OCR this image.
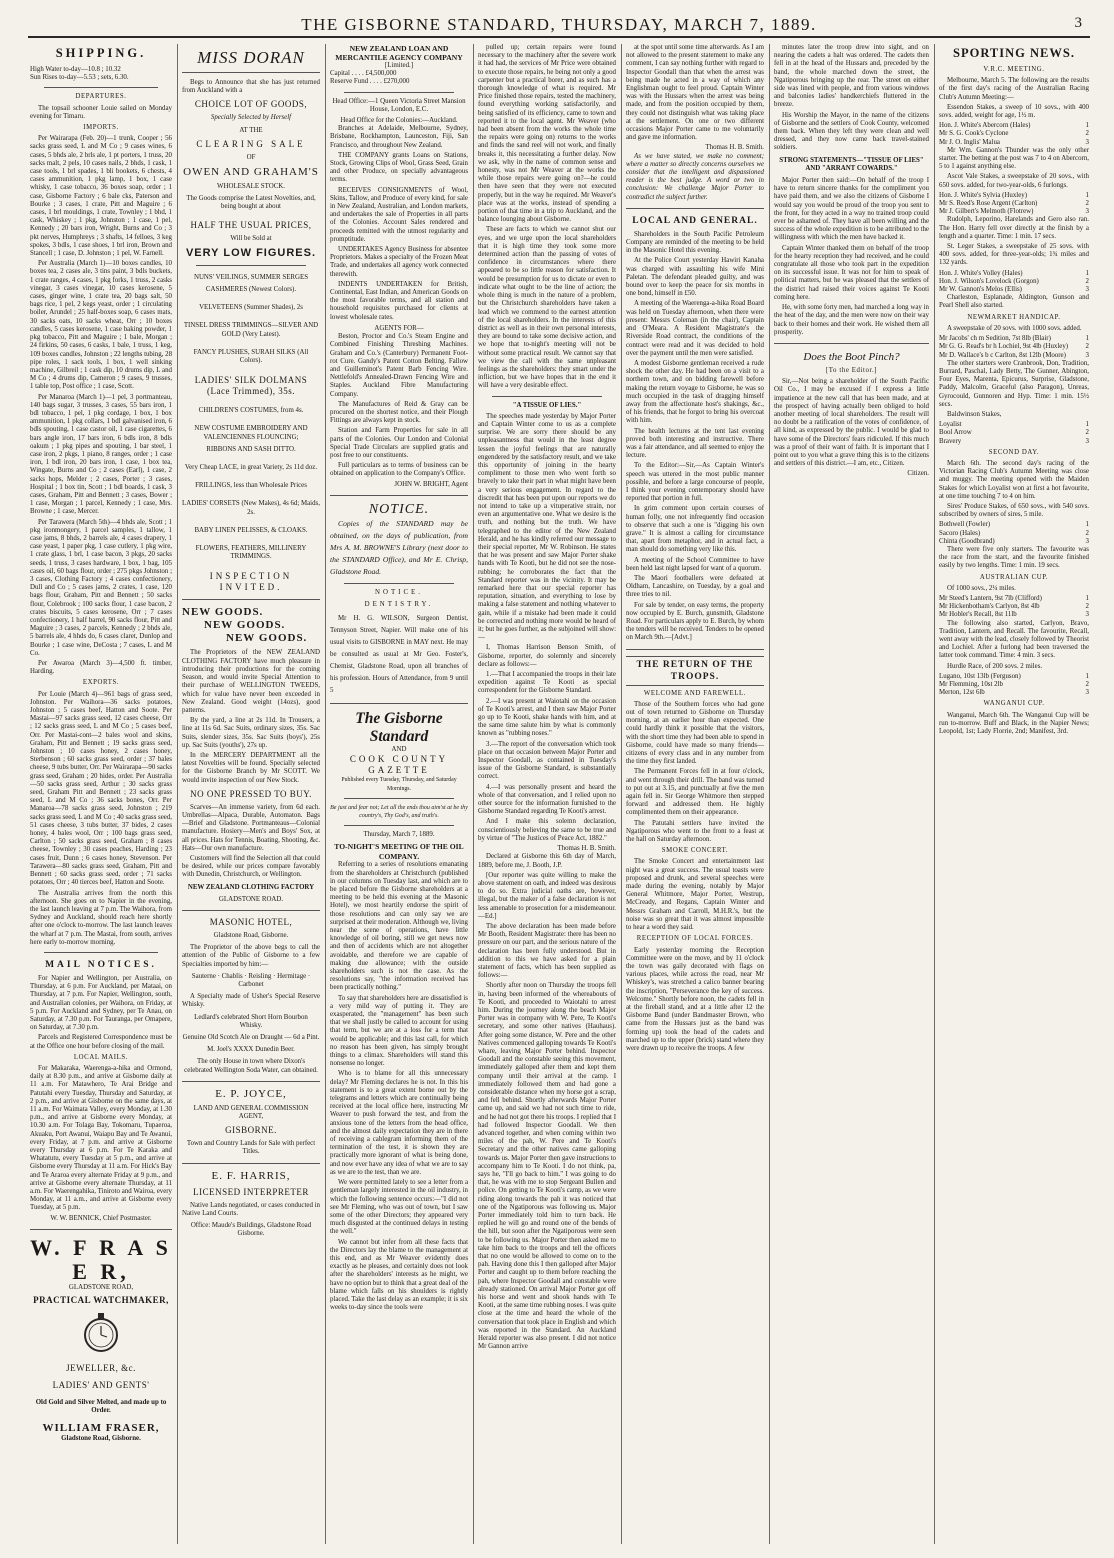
THE GISBORNE STANDARD, THURSDAY, MARCH 7, 1889.	3
SHIPPING.
High Water to-day—10.8 ; 10.32
Sun Rises to-day—5.53 ; sets, 6.30.
DEPARTURES.
The topsail schooner Louie sailed on Monday evening for Timaru.
IMPORTS.
Per Wairarapa (Feb. 20)—1 trunk, Cooper ; 56 sacks grass seed, L and M Co ; 9 cases wines, 6 cases, 5 bhds ale, 2 brls ale, 1 pt porters, 1 truss, 20 sacks malt, 2 pels, 10 cases nails, 2 bhds, 1 cask, 1 case tools, 1 brl spades, 1 bli bookets, 6 chests, 4 cases ammunition, 1 pkg lamp, 1 box, 1 case whisky, 1 case tobacco, 36 boxes soap, order ; 1 case, Gisborne Factory ; 6 bale cks, Paterson and Bourke ; 3 cases, 1 crate, Pitt and Maguire ; 6 cases, 1 brl mouldings, 1 crate, Townley ; 1 bhd, 1 cask, Whiskey ; 1 pkg, Johnston ; 1 case, 1 pel, Kennedy ; 20 bars iron, Wright, Burns and Co ; 3 pkt nerves, Humphreys ; 3 shafts, 14 felloes, 3 keg spokes, 3 bdls, 1 case shoes, 1 brl iron, Brown and Stancell ; 1 case, D. Johnston ; 1 pel, W. Farnell.
Per Australia (March 1)—10 boxes candles, 10 boxes tea, 2 cases ale, 3 tins paint, 3 bdls buckets, 1 crate ranges, 4 cases, 1 pkg forks, 1 truss, 2 casks vinegar, 3 cases vinegar, 10 cases kerosene, 5 cases, ginger wine, 1 crate tea, 20 bags salt, 50 bags rice, 1 pel, 2 kegs yeast, order ; 1 circulating boiler, Arundel ; 25 half-boxes soap, 6 cases mats, 30 sacks oats, 10 sacks wheat, Orr ; 10 boxes candles, 5 cases kerosene, 1 case baking powder, 1 pkg tobacco, Pitt and Maguire ; 1 bale, Morgan ; 24 firkins, 50 cases, 6 casks, 1 bale, 1 truss, 1 keg, 109 boxes candles, Johnston ; 22 lengths tubing, 28 pipe roles, 1 sack tools, 1 box, 1 well sinking machine, Gilbreil ; 1 cask dip, 10 drums dip, L and M Co ; 4 drums dip, Cameron ; 9 cases, 9 trusses, 1 table top, Post office ; 1 case, Scott.
Per Manaroa (March 1)—1 pel, 3 portmanteau, 140 bags sugar, 3 trusses, 3 cases, 55 bars iron, 1 bdl tobacco, 1 pel, 1 pkg cordage, 1 box, 1 box ammunition, 1 pkg collars, 1 bdl galvanised iron, 6 bdls spouting, 1 case castor oil, 1 case cigarettes, 6 bars angle iron, 17 bars iron, 6 bdls iron, 8 bdls oakum ; 1 pkg pipes and spouting, 1 bar steel, 1 case iron, 2 pkgs, 1 piano, 8 ranges, order ; 1 case iron, 1 bdl iron, 20 bars iron, 1 case, 1 box tea, Wingate, Burns and Co ; 2 cases (Earl), 1 case, 2 sacks hops, Melder ; 2 cases, Porter ; 3 cases, Hospital ; 1 box tin, Scott ; 1 bdl boards, 1 cask, 3 cases, Graham, Pitt and Bennett ; 3 cases, Bower ; 1 case, Morgan ; 1 parcel, Kennedy ; 1 case, Mrs. Browne ; 1 case, Mercer.
Per Tarawera (March 5th)—4 bhds ale, Scott ; 1 pkg ironmongery, 1 parcel samples, 1 tallow, 1 case jams, 8 bhds, 2 barrels ale, 4 cases drapery, 1 case yeast, 1 paper pkg, 1 case cutlery, 1 pkg wire, 1 crate glass, 1 brl, 1 case bacon, 3 pkgs, 20 sacks seeds, 1 truss, 3 cases hardware, 1 box, 1 bag, 105 cases oil, 60 bags flour, order ; 275 pkgs Johnston ; 3 cases, Clothing Factory ; 4 cases confectionery, Dull and Co ; 5 cases jams, 2 crates, 1 case, 120 bags flour, Graham, Pitt and Bennett ; 50 sacks flour, Colebrook ; 100 sacks flour, 1 case bacon, 2 crates biscuits, 5 cases kerosene, Orr ; 7 cases confectionery, 1 half barrel, 90 sacks flour, Pitt and Maguire ; 3 cases, 2 parcels, Kennedy ; 2 bhds ale, 5 barrels ale, 4 hhds do, 6 cases claret, Dunlop and Bourke ; 1 case wine, DeCosta ; 7 cases, L and M Co.
Per Awaroa (March 3)—4,500 ft. timber, Harding.
EXPORTS.
Per Louie (March 4)—961 bags of grass seed, Johnston. Per Waihora—36 sacks potatoes, Johnston ; 5 cases beef, Hatton and Soote. Per Mastai—97 sacks grass seed, 12 cases cheese, Orr ; 12 sacks grass seed, L and M Co ; 5 cases beef, Orr. Per Mastai-cont—2 bales wool and skins, Graham, Pitt and Bennett ; 19 sacks grass seed, Johnston ; 10 cases honey, 2 cases honey, Sterbenson ; 60 sacks grass seed, order ; 37 bales cheese, 9 tubs butter, Orr. Per Wairarapa—90 sacks grass seed, Graham ; 20 hides, order. Per Australia—50 sacks grass seed, Arthur ; 30 sacks grass seed, Graham Pitt and Bennett ; 23 sacks grass seed, L and M Co ; 36 sacks bones, Orr. Per Manaroa—78 sacks grass seed, Johnston ; 219 sacks grass seed, L and M Co ; 40 sacks grass seed, 51 cases cheese, 3 tubs butter, 37 bides, 2 cases honey, 4 bales wool, Orr ; 100 bags grass seed, Carlton ; 50 sacks grass seed, Graham ; 8 cases cheese, Townley ; 30 cases peaches, Harding ; 23 cases fruit, Dunn ; 6 cases honey, Stevenson. Per Tarawera—80 sacks grass seed, Graham, Pitt and Bennett ; 60 sacks grass seed, order ; 71 sacks potatoes, Orr ; 40 tierces beef, Hatton and Soote.
The Australia arrives from the north this afternoon. She goes on to Napier in the evening, the last launch leaving at 7 p.m. The Waihora, from Sydney and Auckland, should reach here shortly after one o'clock to-morrow. The last launch leaves the wharf at 7 p.m. The Mastai, from south, arrives here early to-morrow morning.
MAIL NOTICES.
For Napier and Wellington, per Australia, on Thursday, at 6 p.m. For Auckland, per Mataai, on Thursday, at 7 p.m. For Napier, Wellington, south, and Australian colonies, per Waihora, on Friday, at 5 p.m. For Auckland and Sydney, per Te Anau, on Saturday, at 7.30 p.m. For Tauranga, per Omapere, on Saturday, at 7.30 p.m.
Parcels and Registered Correspondence must be at the Office one hour before closing of the mail.
LOCAL MAILS.
For Makaraka, Waerenga-a-hika and Ormond, daily at 8.30 p.m., and arrive at Gisborne daily at 11 a.m. For Matawhero, Te Arai Bridge and Patutahi every Tuesday, Thursday and Saturday, at 2 p.m., and arrive at Gisborne on the same days, at 11 a.m. For Waimata Valley, every Monday, at 1.30 p.m., and arrive at Gisborne every Monday, at 10.30 a.m. For Tolaga Bay, Tokomaru, Tupaeroa, Akuaku, Port Awanui, Waiapu Bay and Te Awanui, every Friday, at 7 p.m. and arrive at Gisborne every Thursday at 6 p.m. For Te Karaka and Whatatutu, every Tuesday at 5 p.m., and arrive at Gisborne every Thursday at 11 a.m. For Hick's Bay and Te Araroa every alternate Friday at 9 p.m., and arrive at Gisborne every alternate Thursday, at 11 a.m. For Waerengahika, Tiniroto and Wairoa, every Monday, at 11 a.m., and arrive at Gisborne every Tuesday, at 5 p.m.
W. W. BENNICK, Chief Postmaster.
W. F R A S E R,
GLADSTONE ROAD,
PRACTICAL WATCHMAKER,
JEWELLER, &c.
LADIES' AND GENTS'
Old Gold and Silver Melted, and made up to Order.
WILLIAM FRASER,
Gladstone Road, Gisborne.
MISS DORAN
Begs to Announce that she has just returned from Auckland with a
CHOICE LOT OF GOODS,
Specially Selected by Herself
AT THE
CLEARING SALE
OF
OWEN AND GRAHAM'S
WHOLESALE STOCK.
The Goods comprise the Latest Novelties, and, being bought at about
HALF THE USUAL PRICES,
Will be Sold at
VERY LOW FIGURES.
NUNS' VEILINGS, SUMMER SERGES
CASHMERES (Newest Colors).
VELVETEENS (Summer Shades), 2s
TINSEL DRESS TRIMMINGS—SILVER AND GOLD (Very Latest).
FANCY PLUSHES, SURAH SILKS (All Colors).
LADIES' SILK DOLMANS (Lace Trimmed), 35s.
CHILDREN'S COSTUMES, from 4s.
NEW COSTUME EMBROIDERY AND VALENCIENNES FLOUNCING;
RIBBONS AND SASH DITTO.
Very Cheap LACE, in great Variety, 2s 11d doz.
FRILLINGS, less than Wholesale Prices
LADIES' CORSETS (New Makes), 4s 6d; Maids, 2s.
BABY LINEN PELISSES, & CLOAKS.
FLOWERS, FEATHERS, MILLINERY TRIMMINGS.
INSPECTION INVITED.
NEW GOODS.
NEW GOODS.
NEW GOODS.
The Proprietors of the NEW ZEALAND CLOTHING FACTORY have much pleasure in introducing their productions for the coming Season, and would invite Special Attention to their purchase of WELLINGTON TWEEDS, which for value have never been exceeded in New Zealand. Good weight (14ozs), good patterns.
By the yard, a line at 2s 11d. In Trousers, a line at 11s 6d. Sac Suits, ordinary sizes, 35s. Sac Suits, slender sizes, 35s. Sac Suits (boys'), 25s up. Sac Suits (youths'), 27s up.
In the MERCERY DEPARTMENT all the latest Novelties will be found. Specially selected for the Gisborne Branch by Mr SCOTT. We would invite inspection of our New Stock.
NO ONE PRESSED TO BUY.
Scarves—An immense variety, from 6d each. Umbrellas—Alpaca, Durable, Automaton. Bags—Brief and Gladstone. Portmanteaus—Colonial manufacture. Hosiery—Men's and Boys' Sox, at all prices. Hats for Tennis, Boating, Shooting, &c. Hats—Our own manufacture.
Customers will find the Selection all that could be desired, while our prices compare favorably with Dunedin, Christchurch, or Wellington.
NEW ZEALAND CLOTHING FACTORY
GLADSTONE ROAD.
MASONIC HOTEL,
Gladstone Road, Gisborne.
The Proprietor of the above begs to call the attention of the Public of Gisborne to a few Specialties imported by him:—
Sauterne · Chablis · Reisling · Hermitage · Carbonet
A Specialty made of Usher's Special Reserve Whisky.
Ledlard's celebrated Short Horn Bourbon Whisky.
Genuine Old Scotch Ale on Draught — 6d a Pint.
M. Joel's XXXX Dunedin Beer.
The only House in town where Dixon's celebrated Wellington Soda Water, can obtained.
E. P. JOYCE,
LAND AND GENERAL COMMISSION AGENT,
GISBORNE.
Town and Country Lands for Sale with perfect Titles.
E. F. HARRIS,
LICENSED INTERPRETER
Native Lands negotiated, or cases conducted in Native Land Courts.
Office: Maude's Buildings, Gladstone Road Gisborne.
NEW ZEALAND LOAN AND MERCANTILE AGENCY COMPANY
[Limited.]
Capital . . . . £4,500,000
Reserve Fund . . . . £270,000
Head Office:—1 Queen Victoria Street Mansion House, London, E.C.
Head Office for the Colonies:—Auckland.
Branches at Adelaide, Melbourne, Sydney, Brisbane, Rockhampton, Launceston, Fiji, San Francisco, and throughout New Zealand.
THE COMPANY grants Loans on Stations, Stock, Growing Clips of Wool, Grass Seed, Grain and other Produce, on specially advantageous terms.
RECEIVES CONSIGNMENTS of Wool, Skins, Tallow, and Produce of every kind, for sale in New Zealand, Australian, and London markets, and undertakes the sale of Properties in all parts of the Colonies. Account Sales rendered and proceeds remitted with the utmost regularity and promptitude.
UNDERTAKES Agency Business for absentee Proprietors. Makes a specialty of the Frozen Meat Trade, and undertakes all agency work connected therewith.
INDENTS UNDERTAKEN for British, Continental, East Indian, and American Goods on the most favorable terms, and all station and household requisites purchased for clients at lowest wholesale rates.
AGENTS FOR—
Beston, Proctor and Co.'s Steam Engine and Combined Finishing Threshing Machines. Graham and Co.'s (Canterbury) Permanent Foot-rot Cure. Gandy's Patent Cotton Belting. Fallow and Guilleminot's Patent Barb Fencing Wire. Nettlefold's Annealed-Drawn Fencing Wire and Staples. Auckland Fibre Manufacturing Company.
The Manufactures of Reid & Gray can be procured on the shortest notice, and their Plough Fittings are always kept in stock.
Station and Farm Properties for sale in all parts of the Colonies. Our London and Colonial Special Trade Circulars are supplied gratis and post free to our constituents.
Full particulars as to terms of business can be obtained on application to the Company's Office.
JOHN W. BRIGHT, Agent
NOTICE.
Copies of the STANDARD may be obtained, on the days of publication, from Mrs A. M. BROWNE'S Library (next door to the STANDARD Office), and Mr E. Chrisp, Gladstone Road.
NOTICE.
DENTISTRY.
Mr H. G. WILSON, Surgeon Dentist, Tennyson Street, Napier. Will make one of his usual visits to GISBORNE in MAY next. He may be consulted as usual at Mr Geo. Foster's, Chemist, Gladstone Road, upon all branches of his profession. Hours of Attendance, from 9 until 5
The Gisborne Standard
AND
COOK COUNTY GAZETTE
Published every Tuesday, Thursday, and Saturday Mornings.
Be just and fear not; Let all the ends thou aim'st at be thy country's, Thy God's, and truth's.
Thursday, March 7, 1889.
TO-NIGHT'S MEETING OF THE OIL COMPANY.
Referring to a series of resolutions emanating from the shareholders at Christchurch (published in our columns on Tuesday last, and which are to be placed before the Gisborne shareholders at a meeting to be held this evening at the Masonic Hotel), we most heartily endorse the spirit of those resolutions and can only say we are surprised at their moderation. Although we, living near the scene of operations, have little knowledge of oil boring, still we get news now and then of accidents which are not altogether avoidable, and therefore we are capable of making due allowance; with the outside shareholders such is not the case. As the resolutions say, "the information received has been practically nothing."
To say that shareholders here are dissatisfied is a very mild way of putting it. They are exasperated, the "management" has been such that we shall justly be called to account for using that term, but we are at a loss for a term that would be applicable; and this last call, for which no reason has been given, has simply brought things to a climax. Shareholders will stand this nonsense no longer.
Who is to blame for all this unnecessary delay? Mr Fleming declares he is not. In this his statement is to a great extent borne out by the telegrams and letters which are continually being received at the local office here, instructing Mr Weaver to push forward the test, and from the anxious tone of the letters from the head office, and the almost daily expectation they are in there of receiving a cablegram informing them of the termination of the test, it is shown they are practically more ignorant of what is being done, and now ever have any idea of what we are to say as we are to the test, than we are.
We were permitted lately to see a letter from a gentleman largely interested in the oil industry, in which the following sentence occurs:—"I did not see Mr Fleming, who was out of town, but I saw some of the other Directors; they appeared very much disgusted at the continued delays in testing the well."
We cannot but infer from all these facts that the Directors lay the blame to the management at this end, and as Mr Weaver evidently does exactly as he pleases, and certainly does not look after the shareholders' interests as he might, we have no option but to think that a great deal of the blame which falls on his shoulders is rightly placed. Take the last delay as an example; it is six weeks to-day since the tools were
pulled up; certain repairs were found necessary to the machinery after the severe work it had had, the services of Mr Price were obtained to execute those repairs, he being not only a good carpenter but a practical borer, and as such has a thorough knowledge of what is required. Mr Price finished those repairs, tested the machinery, found everything working satisfactorily, and being satisfied of its efficiency, came to town and reported it to the local agent. Mr Weaver (who had been absent from the works the whole time the repairs were going on) returns to the works and finds the sand reel will not work, and finally breaks it, this necessitating a further delay. Now we ask, why in the name of common sense and honesty, was not Mr Weaver at the works the while those repairs were going on?—he could then have seen that they were not executed properly, but in the way he required. Mr Weaver's place was at the works, instead of spending a portion of that time in a trip to Auckland, and the balance lounging about Gisborne.
These are facts to which we cannot shut our eyes, and we urge upon the local shareholders that it is high time they took some more determined action than the passing of votes of confidence in circumstances where there appeared to be so little reason for satisfaction. It would be presumption for us to dictate or even to indicate what ought to be the line of action; the whole thing is much in the nature of a problem, but the Christchurch shareholders have taken a lead which we commend to the earnest attention of the local shareholders. In the interests of this district as well as in their own personal interests, they are bound to take some decisive action, and we hope that to-night's meeting will not be without some practical result. We cannot say that we view the call with the same unpleasant feelings as the shareholders: they smart under the infliction, but we have hopes that in the end it will have a very desirable effect.
"A TISSUE OF LIES."
The speeches made yesterday by Major Porter and Captain Winter come to us as a complete surprise. We are sorry there should be any unpleasantness that would in the least degree lessen the joyful feelings that are naturally engendered by the satisfactory result, and we take this opportunity of joining in the hearty compliment to those men who went forth so bravely to take their part in what might have been a very serious engagement. In regard to the discredit that has been put upon our reports we do not intend to take up a vituperative strain, nor even an argumentative one. What we desire is the truth, and nothing but the truth. We have telegraphed to the editor of the New Zealand Herald, and he has kindly referred our message to their special reporter, Mr W. Robinson. He states that he was present and saw Major Porter shake hands with Te Kooti, but he did not see the nose-rubbing; he corroborates the fact that the Standard reporter was in the vicinity. It may be remarked here that our special reporter has reputation, situation, and everything to lose by making a false statement and nothing whatever to gain, while if a mistake had been made it could be corrected and nothing more would be heard of it; but he goes further, as the subjoined will show:—
I, Thomas Harrison Benson Smith, of Gisborne, reporter, do solemnly and sincerely declare as follows:—
1.—That I accompanied the troops in their late expedition against Te Kooti as special correspondent for the Gisborne Standard.
2.—I was present at Waiotahi on the occasion of Te Kooti's arrest, and I then saw Major Porter go up to Te Kooti, shake hands with him, and at the same time salute him by what is commonly known as "rubbing noses."
3.—The report of the conversation which took place on that occasion between Major Porter and Inspector Goodall, as contained in Tuesday's issue of the Gisborne Standard, is substantially correct.
4.—I was personally present and heard the whole of that conversation, and I relied upon no other source for the information furnished to the Gisborne Standard regarding Te Kooti's arrest.
And I make this solemn declaration, conscientiously believing the same to be true and by virtue of "The Justices of Peace Act, 1882."
Thomas H. B. Smith.
Declared at Gisborne this 6th day of March, 1889, before me, J. Booth, J.P.
[Our reporter was quite willing to make the above statement on oath, and indeed was desirous to do so. Extra judicial oaths are, however, illegal, but the maker of a false declaration is not less amenable to prosecution for a misdemeanour.—Ed.]
The above declaration has been made before Mr Booth, Resident Magistrate: there has been no pressure on our part, and the serious nature of the declaration has been fully understood. But in addition to this we have asked for a plain statement of facts, which has been supplied as follows:—
Shortly after noon on Thursday the troops fell in, having been informed of the whereabouts of Te Kooti, and proceeded to Waiotahi to arrest him. During the journey along the beach Major Porter was in company with W. Pere, Te Kooti's secretary, and some other natives (Hauhaus). After going some distance, W. Pere and the other Natives commenced galloping towards Te Kooti's whare, leaving Major Porter behind. Inspector Goodall and the constable seeing this movement, immediately galloped after them and kept them company until their arrival at the camp. I immediately followed them and had gone a considerable distance when my horse got a scrap, and fell behind. Shortly afterwards Major Porter came up, and said we had not such time to ride, and he had not got there his troops. I replied that I had followed Inspector Goodall. We then advanced together, and when coming within two miles of the pah, W. Pere and Te Kooti's Secretary and the other natives came galloping towards us. Major Porter then gave instructions to accompany him to Te Kooti. I do not think, pa, says he, "I'll go back to him." I was going to do that, he was with me to stop Sergeant Bullen and police. On getting to Te Kooti's camp, as we were riding along towards the pah it was noticed that one of the Ngatiporous was following us. Major Porter immediately told him to turn back. He replied he will go and round one of the bends of the hill, but soon after the Ngatiporous were seen to be following us. Major Porter then asked me to take him back to the troops and tell the officers that no one would be allowed to come on to the pah. Having done this I then galloped after Major Porter and caught up to them before reaching the pah, where Inspector Goodall and constable were already stationed. On arrival Major Porter got off his horse and went and shook hands with Te Kooti, at the same time rubbing noses. I was quite close at the time and heard the whole of the conversation that took place in English and which was reported in the Standard. An Auckland Herald reporter was also present. I did not notice Mr Gannon arrive
at the spot until some time afterwards. As I am not allowed to the present statement to make any comment, I can say nothing further with regard to Inspector Goodall than that when the arrest was being made he acted in a way of which any Englishman ought to feel proud. Captain Winter was with the Hussars when the arrest was being made, and from the position occupied by them, they could not distinguish what was taking place at the settlement. On one or two different occasions Major Porter came to me voluntarily and gave me information.
Thomas H. B. Smith.
As we have stated, we make no comment; where a matter so directly concerns ourselves we consider that the intelligent and dispassioned reader is the best judge. A word or two in conclusion: We challenge Major Porter to contradict the subject further.
LOCAL AND GENERAL.
Shareholders in the South Pacific Petroleum Company are reminded of the meeting to be held in the Masonic Hotel this evening.
At the Police Court yesterday Hawiri Kanaha was charged with assaulting his wife Mini Paletan. The defendant pleaded guilty, and was bound over to keep the peace for six months in one bond, himself in £50.
A meeting of the Waerenga-a-hika Road Board was held on Tuesday afternoon, when there were present: Messrs Coleman (in the chair), Captain and O'Meara. A Resident Magistrate's the Riverside Road contract, the conditions of the contract were read and it was decided to hold over the payment until the men were satisfied.
A modest Gisborne gentleman received a rude shock the other day. He had been on a visit to a northern town, and on bidding farewell before making the return voyage to Gisborne, he was so much occupied in the task of dragging himself away from the affectionate host's shakings, &c., of his friends, that he forgot to bring his overcoat with him.
The health lectures at the tent last evening proved both interesting and instructive. There was a fair attendance, and all seemed to enjoy the lecture.
To the Editor:—Sir,—As Captain Winter's speech was uttered in the most public manner possible, and before a large concourse of people, I think your evening contemporary should have reported that portion in full.
In grim comment upon certain courses of human folly, one not infrequently find occasion to observe that such a one is "digging his own grave." It is almost a calling for circumstance that, apart from metaphor, and in actual fact, a man should do something very like this.
A meeting of the School Committee to have been held last night lapsed for want of a quorum.
The Maori footballers were defeated at Oldham, Lancashire, on Tuesday, by a goal and three tries to nil.
For sale by tender, on easy terms, the property now occupied by E. Burch, gunsmith, Gladstone Road. For particulars apply to E. Burch, by whom the tenders will be received. Tenders to be opened on March 9th.—[Advt.]
THE RETURN OF THE TROOPS.
WELCOME AND FAREWELL.
Those of the Southern forces who had gone out of town returned to Gisborne on Thursday morning, at an earlier hour than expected. One could hardly think it possible that the visitors, with the short time they had been able to spend in Gisborne, could have made so many friends—citizens of every class and in any number from the time they first landed.
The Permanent Forces fell in at four o'clock, and went through their drill. The band was turned to put out at 3.15, and punctually at five the men again fell in. Sir George Whitmore then stepped forward and addressed them. He highly complimented them on their appearance.
The Patutahi settlers have invited the Ngatiporous who went to the front to a feast at the hall on Saturday afternoon.
SMOKE CONCERT.
The Smoke Concert and entertainment last night was a great success. The usual toasts were proposed and drunk, and several speeches were made during the evening, notably by Major General Whitmore, Major Porter, Westrup, McCready, and Regans, Captain Winter and Messrs Graham and Carroll, M.H.R.'s, but the noise was so great that it was almost impossible to hear a word they said.
RECEPTION OF LOCAL FORCES.
Early yesterday morning the Reception Committee were on the move, and by 11 o'clock the town was gaily decorated with flags on various places, while across the road, near Mr Whiskey's, was stretched a calico banner bearing the inscription, "Perseverance the key of success. Welcome." Shortly before noon, the cadets fell in at the fireball stand, and at a little after 12 the Gisborne Band (under Bandmaster Brown, who came from the Hussars just as the band was forming up) took the head of the cadets and marched up to the upper (brick) stand where they were drawn up to receive the troops. A few
minutes later the troop drew into sight, and on nearing the cadets a halt was ordered. The cadets then fell in at the head of the Hussars and, preceded by the band, the whole marched down the street, the Ngatiporous bringing up the rear. The street on either side was lined with people, and from various windows and balconies ladies' handkerchiefs fluttered in the breeze.
His Worship the Mayor, in the name of the citizens of Gisborne and the settlers of Cook County, welcomed them back. When they left they were clean and well dressed, and they now came back travel-stained soldiers.
STRONG STATEMENTS—"TISSUE OF LIES" AND "ARRANT COWARDS."
Major Porter then said:—On behalf of the troop I have to return sincere thanks for the compliment you have paid them, and we also the citizens of Gisborne I would say you would be proud of the troop you sent to the front, for they acted in a way no trained troop could ever be ashamed of. They have all been willing and the success of the whole expedition is to be attributed to the willingness with which the men have backed it.
Captain Winter thanked them on behalf of the troop for the hearty reception they had received, and he could congratulate all those who took part in the expedition on its successful issue. It was not for him to speak of political matters, but he was pleased that the settlers of the district had raised their voices against Te Kooti coming here.
He, with some forty men, had marched a long way in the heat of the day, and the men were now on their way back to their homes and their work. He wished them all prosperity.
Does the Boot Pinch?
[To the Editor.]
Sir,—Not being a shareholder of the South Pacific Oil Co., I may be excused if I express a little impatience at the new call that has been made, and at the prospect of having actually been obliged to hold another meeting of local shareholders. The result will no doubt be a ratification of the votes of confidence, of all kind, as expressed by the public. I would be glad to have some of the Directors' fears ridiculed. If this much was a proof of their want of faith. It is important that I point out to you what a grave thing this is to the citizens and settlers of this district.—I am, etc., Citizen.
Citizen.
SPORTING NEWS.
V.R.C. MEETING.
Melbourne, March 5. The following are the results of the first day's racing of the Australian Racing Club's Autumn Meeting:—
Essendon Stakes, a sweep of 10 sovs., with 400 sovs. added, weight for age, 1½ m.
Hon. J. White's Abercorn (Hales)	1
Mr S. G. Cook's Cyclone	2
Mr J. O. Inglis' Malua	3
Mr Wm. Gannon's Thunder was the only other starter. The betting at the post was 7 to 4 on Abercorn, 5 to 1 against anything else.
Ascot Vale Stakes, a sweepstake of 20 sovs., with 650 sovs. added, for two-year-olds, 6 furlongs.
Hon. J. White's Sylvia (Huxley)	1
Mr S. Reed's Rose Argent (Carlton)	2
Mr J. Gilbert's Melmoth (Flotrew)	3
Rudolph, Leporino, Harelands and Gero also ran. The Hon. Harry fell over directly at the finish by a length and a quarter. Time: 1 min. 17 secs.
St. Leger Stakes, a sweepstake of 25 sovs. with 400 sovs. added, for three-year-olds; 1¾ miles and 132 yards.
Hon. J. White's Volley (Hales)	1
Hon. J. Wilson's Lovelock (Gorgon)	2
Mr W. Gannon's Melos (Ellis)	3
Charleston, Esplanade, Aldington, Gunson and Pearl Shell also started.
NEWMARKET HANDICAP.
A sweepstake of 20 sovs. with 1000 sovs. added.
Mr Jacobs' ch m Sedition, 7st 8lb (Blair)	1
Mr G. G. Read's br h Lochiel, 9st 4lb (Huxley)	2
Mr D. Wallace's b c Carlton, 8st 12lb (Moore)	3
The other starters were Cranbrook, Don, Tradition, Burrard, Paschal, Lady Betty, The Gunner, Abington, Four Eyes, Marenta, Epicurus, Surprise, Gladstone, Paddy, Malcolm, Graceful (also Paragon), Unreas, Gyrocould, Gunnoren and Hyp. Time: 1 min. 15½ secs.
Baldwinson Stakes,
Loyalist	1
Bool Arrow	2
Bravery	3
SECOND DAY.
March 6th. The second day's racing of the Victorian Racing Club's Autumn Meeting was close and muggy. The meeting opened with the Maiden Stakes for which Loyalist won at first a hot favourite, at one time touching 7 to 4 on him.
Sires' Produce Stakes, of 650 sovs., with 540 sovs. subscribed by owners of sires, 5 mile.
Bothwell (Fowler)	1
Sacoro (Hales)	2
Chinta (Goodbrand)	3
There were five only starters. The favourite was the race from the start, and the favourite finished easily by two lengths. Time: 1 min. 19 secs.
AUSTRALIAN CUP.
Of 1000 sovs., 2¼ miles.
Mr Steed's Lantern, 9st 7lb (Clifford)	1
Mr Hickenbotham's Carlyon, 8st 4lb	2
Mr Hobler's Recall, 8st 11lb	3
The following also started, Carlyon, Bravo, Tradition, Lantern, and Recall. The favourite, Recall, went away with the lead, closely followed by Theorist and Lochiel. After a furlong had been traversed the latter took command. Time: 4 min. 3 secs.
Hurdle Race, of 200 sovs. 2 miles.
Lugano, 10st 13lb (Ferguson)	1
Mr Flemming, 10st 2lb	2
Merton, 12st 6lb	3
WANGANUI CUP.
Wanganui, March 6th. The Wanganui Cup will be run to-morrow. Buff and Black, in the Napier News; Leopold, 1st; Lady Florrie, 2nd; Manifest, 3rd.
